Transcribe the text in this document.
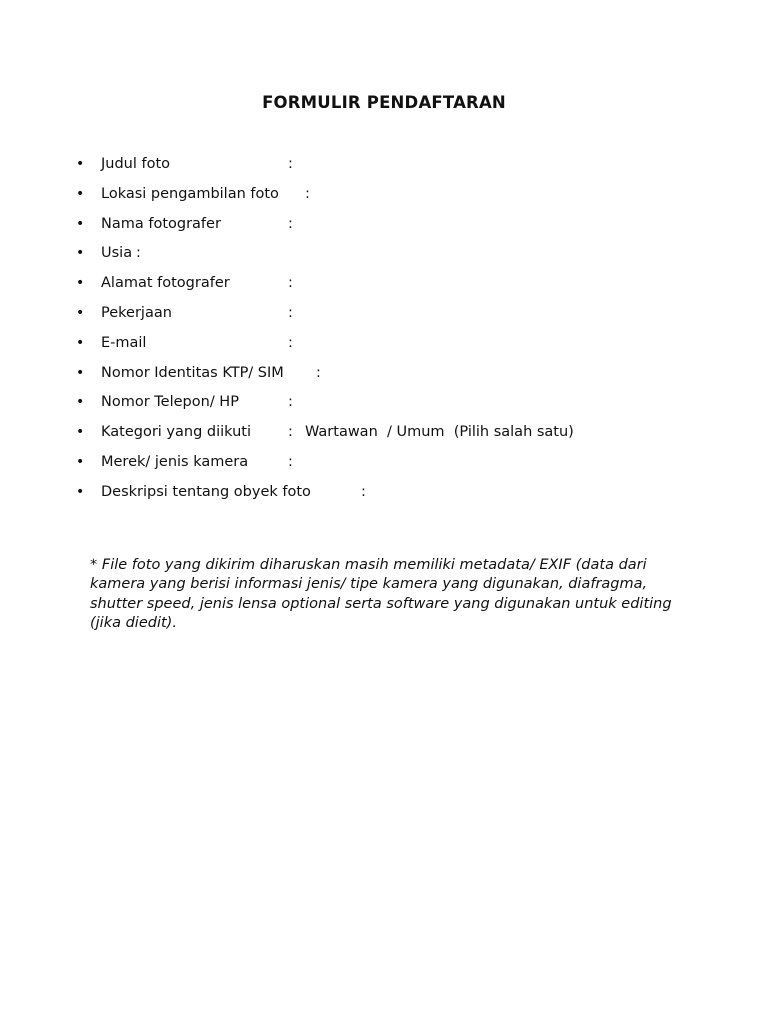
FORMULIR PENDAFTARAN
• Judul foto	:
• Lokasi pengambilan foto :
• Nama fotografer	:
• Usia :
• Alamat fotografer	:
• Pekerjaan	:
• E-mail	:
• Nomor Identitas KTP/ SIM :
• Nomor Telepon/ HP	:
• Kategori yang diikuti	: Wartawan  / Umum  (Pilih salah satu)
• Merek/ jenis kamera	:
• Deskripsi tentang obyek foto	:

* File foto yang dikirim diharuskan masih memiliki metadata/ EXIF (data dari kamera yang berisi informasi jenis/ tipe kamera yang digunakan, diafragma, shutter speed, jenis lensa optional serta software yang digunakan untuk editing (jika diedit).
